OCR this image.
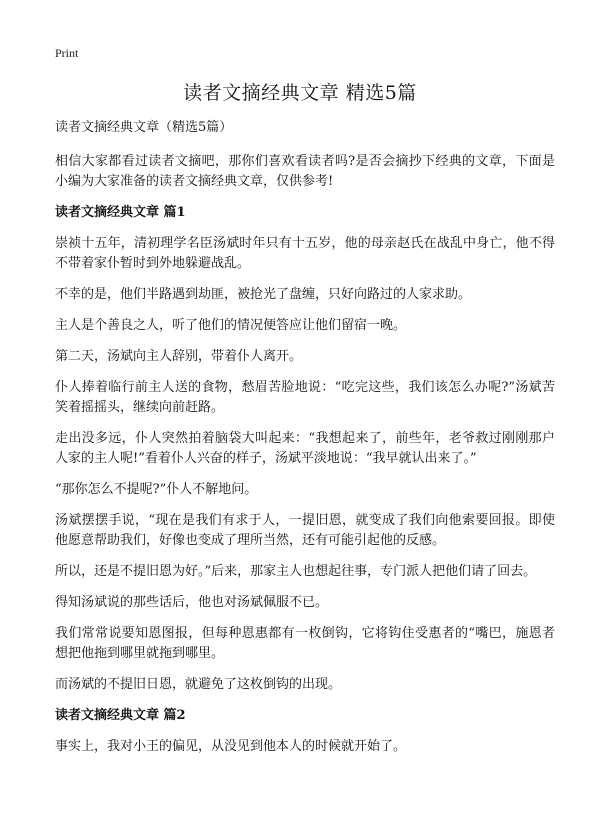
Print
读者文摘经典文章 精选5篇

读者文摘经典文章（精选5篇）

相信大家都看过读者文摘吧，那你们喜欢看读者吗?是否会摘抄下经典的文章，下面是小编为大家准备的读者文摘经典文章，仅供参考!

读者文摘经典文章 篇1

崇祯十五年，清初理学名臣汤斌时年只有十五岁，他的母亲赵氏在战乱中身亡，他不得不带着家仆暂时到外地躲避战乱。

不幸的是，他们半路遇到劫匪，被抢光了盘缠，只好向路过的人家求助。

主人是个善良之人，听了他们的情况便答应让他们留宿一晚。

第二天，汤斌向主人辞别，带着仆人离开。

仆人捧着临行前主人送的食物，愁眉苦脸地说：“吃完这些，我们该怎么办呢?”汤斌苦笑着摇摇头，继续向前赶路。

走出没多远，仆人突然拍着脑袋大叫起来：“我想起来了，前些年，老爷救过刚刚那户人家的主人呢!”看着仆人兴奋的样子，汤斌平淡地说：“我早就认出来了。”

“那你怎么不提呢?”仆人不解地问。

汤斌摆摆手说，“现在是我们有求于人，一提旧恩，就变成了我们向他索要回报。即使他愿意帮助我们，好像也变成了理所当然，还有可能引起他的反感。

所以，还是不提旧恩为好。”后来，那家主人也想起往事，专门派人把他们请了回去。

得知汤斌说的那些话后，他也对汤斌佩服不已。

我们常常说要知恩图报，但每种恩惠都有一枚倒钩，它将钩住受惠者的“嘴巴，施恩者想把他拖到哪里就拖到哪里。

而汤斌的不提旧日恩，就避免了这枚倒钩的出现。

读者文摘经典文章 篇2

事实上，我对小王的偏见，从没见到他本人的时候就开始了。
